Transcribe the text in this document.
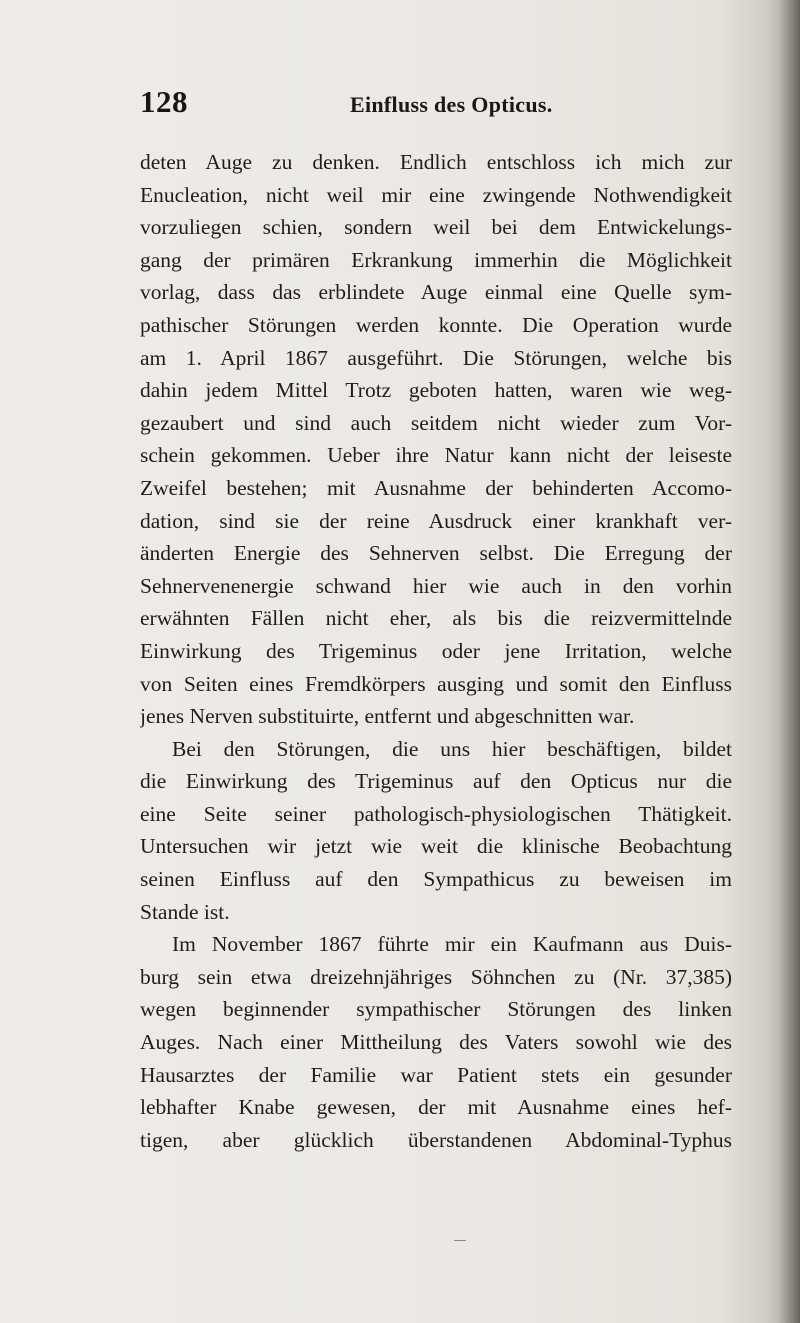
128	Einfluss des Opticus.
deten Auge zu denken. Endlich entschloss ich mich zur
Enucleation, nicht weil mir eine zwingende Nothwendigkeit
vorzuliegen schien, sondern weil bei dem Entwickelungs-
gang der primären Erkrankung immerhin die Möglichkeit
vorlag, dass das erblindete Auge einmal eine Quelle sym-
pathischer Störungen werden konnte. Die Operation wurde
am 1. April 1867 ausgeführt. Die Störungen, welche bis
dahin jedem Mittel Trotz geboten hatten, waren wie weg-
gezaubert und sind auch seitdem nicht wieder zum Vor-
schein gekommen. Ueber ihre Natur kann nicht der leiseste
Zweifel bestehen; mit Ausnahme der behinderten Accomo-
dation, sind sie der reine Ausdruck einer krankhaft ver-
änderten Energie des Sehnerven selbst. Die Erregung der
Sehnervenenergie schwand hier wie auch in den vorhin
erwähnten Fällen nicht eher, als bis die reizvermittelnde
Einwirkung des Trigeminus oder jene Irritation, welche
von Seiten eines Fremdkörpers ausging und somit den Einfluss
jenes Nerven substituirte, entfernt und abgeschnitten war.
Bei den Störungen, die uns hier beschäftigen, bildet
die Einwirkung des Trigeminus auf den Opticus nur die
eine Seite seiner pathologisch-physiologischen Thätigkeit.
Untersuchen wir jetzt wie weit die klinische Beobachtung
seinen Einfluss auf den Sympathicus zu beweisen im
Stande ist.
Im November 1867 führte mir ein Kaufmann aus Duis-
burg sein etwa dreizehnjähriges Söhnchen zu (Nr. 37,385)
wegen beginnender sympathischer Störungen des linken
Auges. Nach einer Mittheilung des Vaters sowohl wie des
Hausarztes der Familie war Patient stets ein gesunder
lebhafter Knabe gewesen, der mit Ausnahme eines hef-
tigen, aber glücklich überstandenen Abdominal-Typhus
